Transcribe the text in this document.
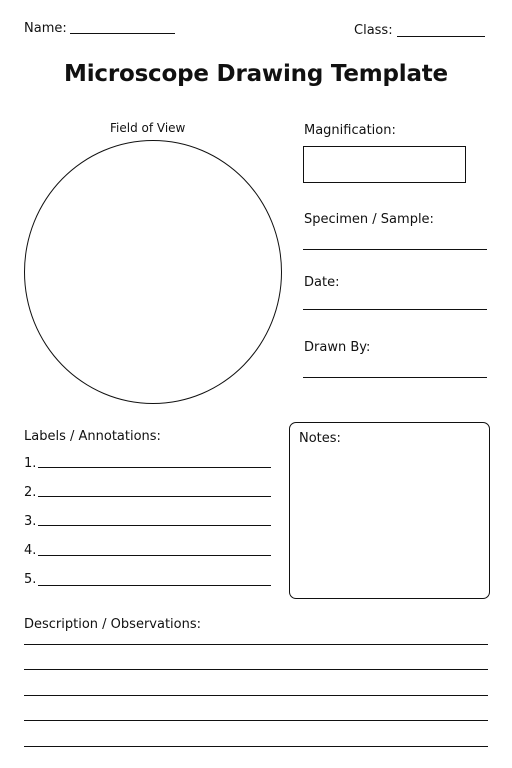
Name:	Class:
Microscope Drawing Template
Field of View	Magnification:
Specimen / Sample:
Date:
Drawn By:
Labels / Annotations:
1.
2.
3.
4.
5.
Notes:
Description / Observations:
